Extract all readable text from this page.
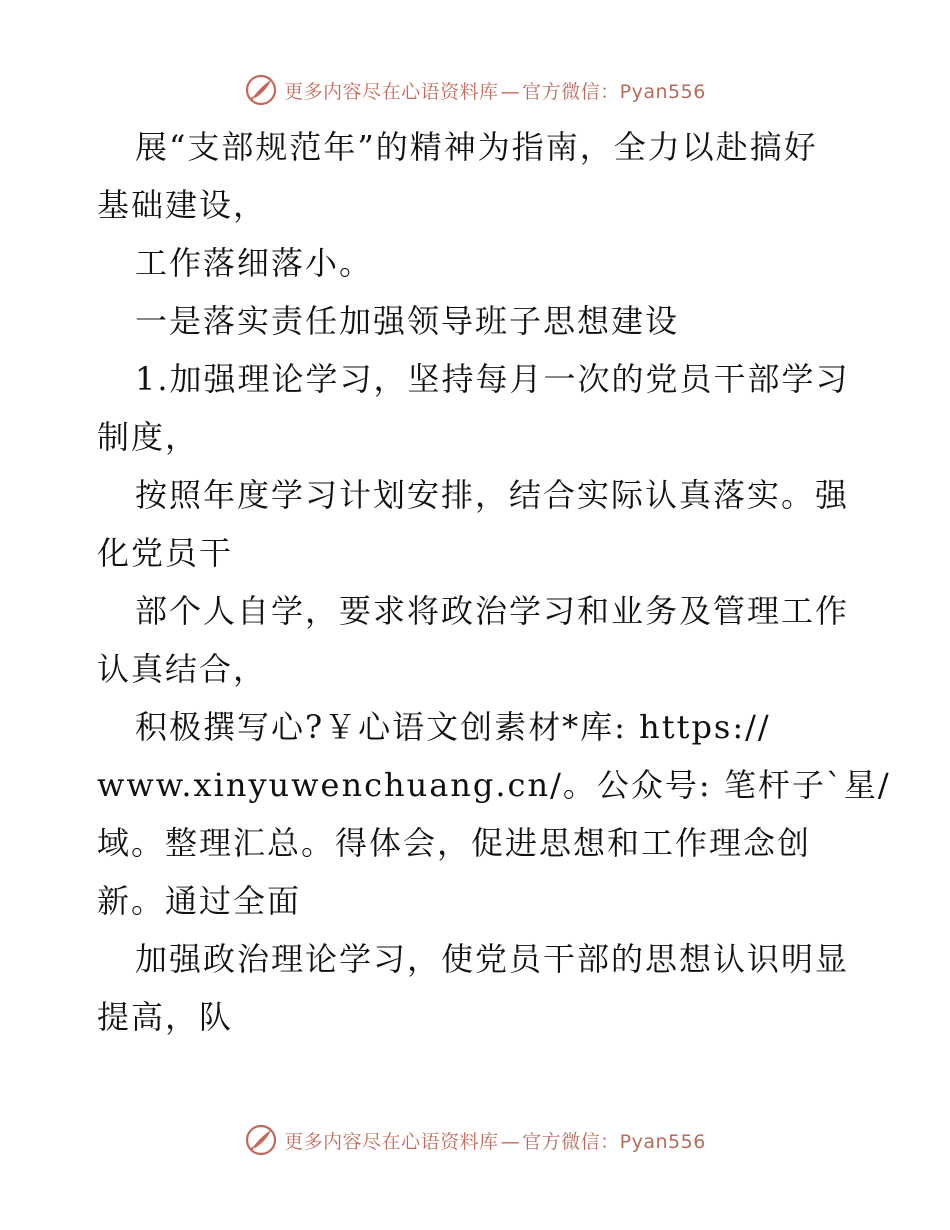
更多内容尽在心语资料库 — 官方微信：Pyan556
展“支部规范年”的精神为指南，全力以赴搞好
基础建设，
工作落细落小。
一是落实责任加强领导班子思想建设
1.加强理论学习，坚持每月一次的党员干部学习
制度，
按照年度学习计划安排，结合实际认真落实。强
化党员干
部个人自学，要求将政治学习和业务及管理工作
认真结合，
积极撰写心?￥心语文创素材*库: https://
www.xinyuwenchuang.cn/。公众号: 笔杆子`星/
域。整理汇总。得体会，促进思想和工作理念创
新。通过全面
加强政治理论学习，使党员干部的思想认识明显
提高，队
更多内容尽在心语资料库 — 官方微信：Pyan556
